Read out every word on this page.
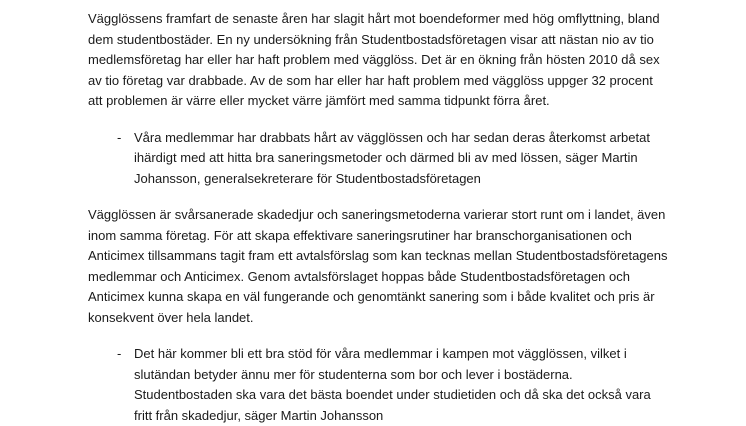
Vägglössens framfart de senaste åren har slagit hårt mot boendeformer med hög omflyttning, bland
dem studentbostäder. En ny undersökning från Studentbostadsföretagen visar att nästan nio av tio
medlemsföretag har eller har haft problem med vägglöss. Det är en ökning från hösten 2010 då sex
av tio företag var drabbade. Av de som har eller har haft problem med vägglöss uppger 32 procent
att problemen är värre eller mycket värre jämfört med samma tidpunkt förra året.

- Våra medlemmar har drabbats hårt av vägglössen och har sedan deras återkomst arbetat
ihärdigt med att hitta bra saneringsmetoder och därmed bli av med lössen, säger Martin
Johansson, generalsekreterare för Studentbostadsföretagen

Vägglössen är svårsanerade skadedjur och saneringsmetoderna varierar stort runt om i landet, även
inom samma företag. För att skapa effektivare saneringsrutiner har branschorganisationen och
Anticimex tillsammans tagit fram ett avtalsförslag som kan tecknas mellan Studentbostadsföretagens
medlemmar och Anticimex. Genom avtalsförslaget hoppas både Studentbostadsföretagen och
Anticimex kunna skapa en väl fungerande och genomtänkt sanering som i både kvalitet och pris är
konsekvent över hela landet.

- Det här kommer bli ett bra stöd för våra medlemmar i kampen mot vägglössen, vilket i
slutändan betyder ännu mer för studenterna som bor och lever i bostäderna.
Studentbostaden ska vara det bästa boendet under studietiden och då ska det också vara
fritt från skadedjur, säger Martin Johansson
